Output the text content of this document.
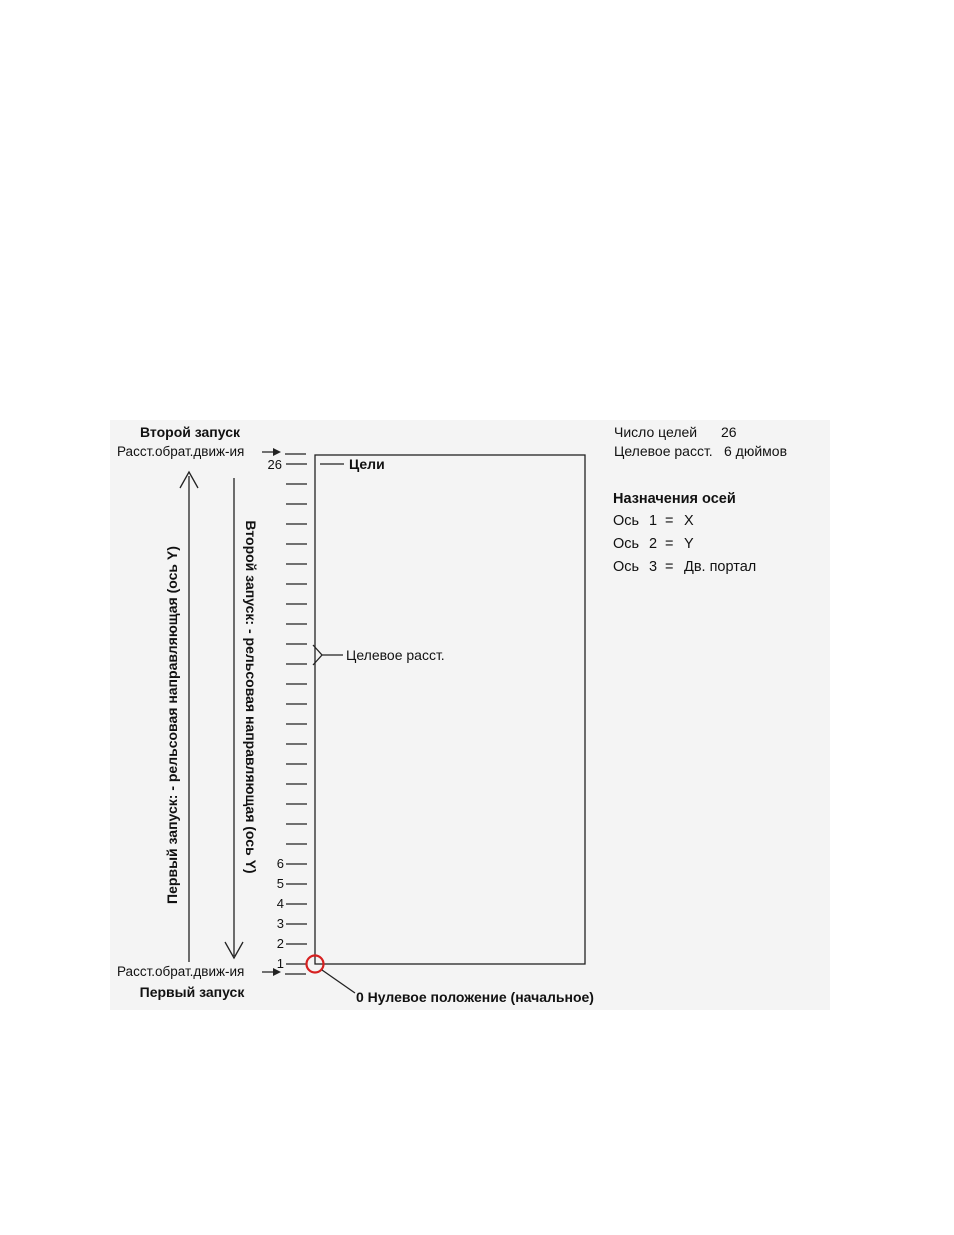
Второй запуск
Расст.обрат.движ-ия
Первый запуск: - рельсовая направляющая (ось Y)	Второй запуск: - рельсовая направляющая (ось Y)
26
6
5
4
3
2
1
Цели
Целевое расст.
Расст.обрат.движ-ия
Первый запуск	0 Нулевое положение (начальное)
Число целей 26
Целевое расст. 6 дюймов
Назначения осей
Ось 1 = X
Ось 2 = Y
Ось 3 = Дв. портал
